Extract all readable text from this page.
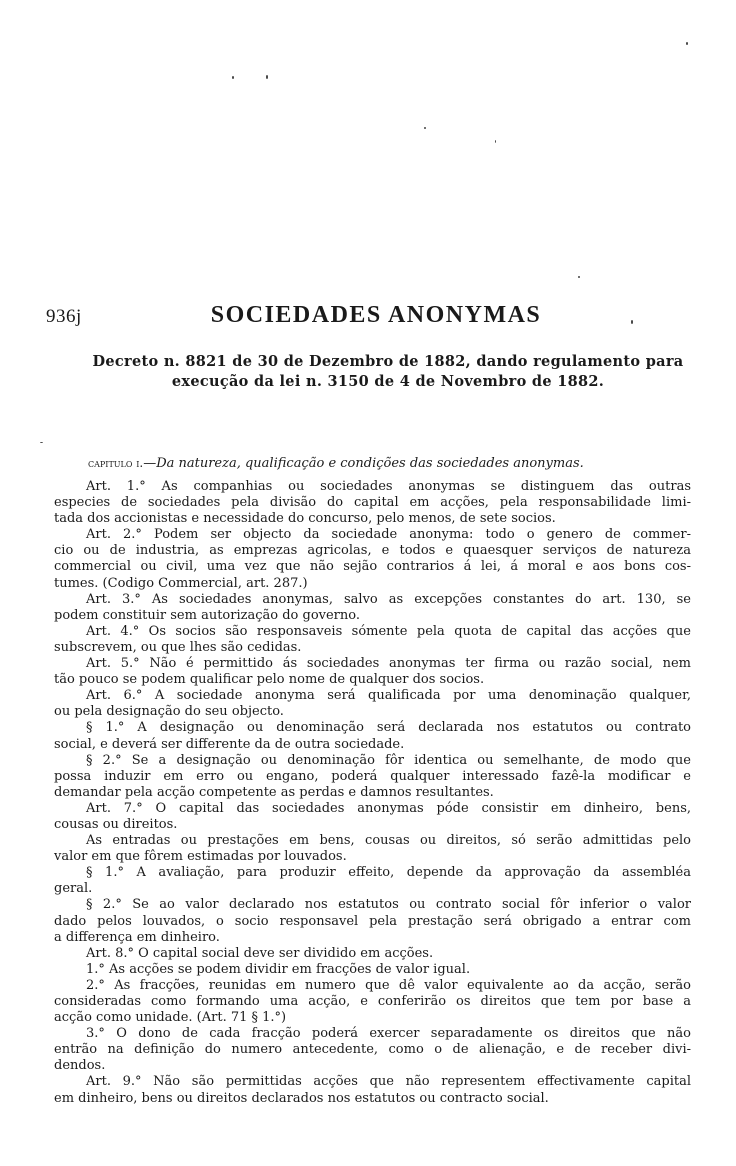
936j	SOCIEDADES ANONYMAS
Decreto n. 8821 de 30 de Dezembro de 1882, dando regulamento para
execução da lei n. 3150 de 4 de Novembro de 1882.
capitulo i.—Da natureza, qualificação e condições das sociedades anonymas.
Art. 1.° As companhias ou sociedades anonymas se distinguem das outras
especies de sociedades pela divisão do capital em acções, pela responsabilidade limi-
tada dos accionistas e necessidade do concurso, pelo menos, de sete socios.
Art. 2.° Podem ser objecto da sociedade anonyma: todo o genero de commer-
cio ou de industria, as emprezas agricolas, e todos e quaesquer serviços de natureza
commercial ou civil, uma vez que não sejão contrarios á lei, á moral e aos bons cos-
tumes. (Codigo Commercial, art. 287.)
Art. 3.° As sociedades anonymas, salvo as excepções constantes do art. 130, se
podem constituir sem autorização do governo.
Art. 4.° Os socios são responsaveis sómente pela quota de capital das acções que
subscrevem, ou que lhes são cedidas.
Art. 5.° Não é permittido ás sociedades anonymas ter firma ou razão social, nem
tão pouco se podem qualificar pelo nome de qualquer dos socios.
Art. 6.° A sociedade anonyma será qualificada por uma denominação qualquer,
ou pela designação do seu objecto.
§ 1.° A designação ou denominação será declarada nos estatutos ou contrato
social, e deverá ser differente da de outra sociedade.
§ 2.° Se a designação ou denominação fôr identica ou semelhante, de modo que
possa induzir em erro ou engano, poderá qualquer interessado fazê-la modificar e
demandar pela acção competente as perdas e damnos resultantes.
Art. 7.° O capital das sociedades anonymas póde consistir em dinheiro, bens,
cousas ou direitos.
As entradas ou prestações em bens, cousas ou direitos, só serão admittidas pelo
valor em que fôrem estimadas por louvados.
§ 1.° A avaliação, para produzir effeito, depende da approvação da assembléa
geral.
§ 2.° Se ao valor declarado nos estatutos ou contrato social fôr inferior o valor
dado pelos louvados, o socio responsavel pela prestação será obrigado a entrar com
a differença em dinheiro.
Art. 8.° O capital social deve ser dividido em acções.
1.° As acções se podem dividir em fracções de valor igual.
2.° As fracções, reunidas em numero que dê valor equivalente ao da acção, serão
consideradas como formando uma acção, e conferirão os direitos que tem por base a
acção como unidade. (Art. 71 § 1.°)
3.° O dono de cada fracção poderá exercer separadamente os direitos que não
entrão na definição do numero antecedente, como o de alienação, e de receber divi-
dendos.
Art. 9.° Não são permittidas acções que não representem effectivamente capital
em dinheiro, bens ou direitos declarados nos estatutos ou contracto social.
